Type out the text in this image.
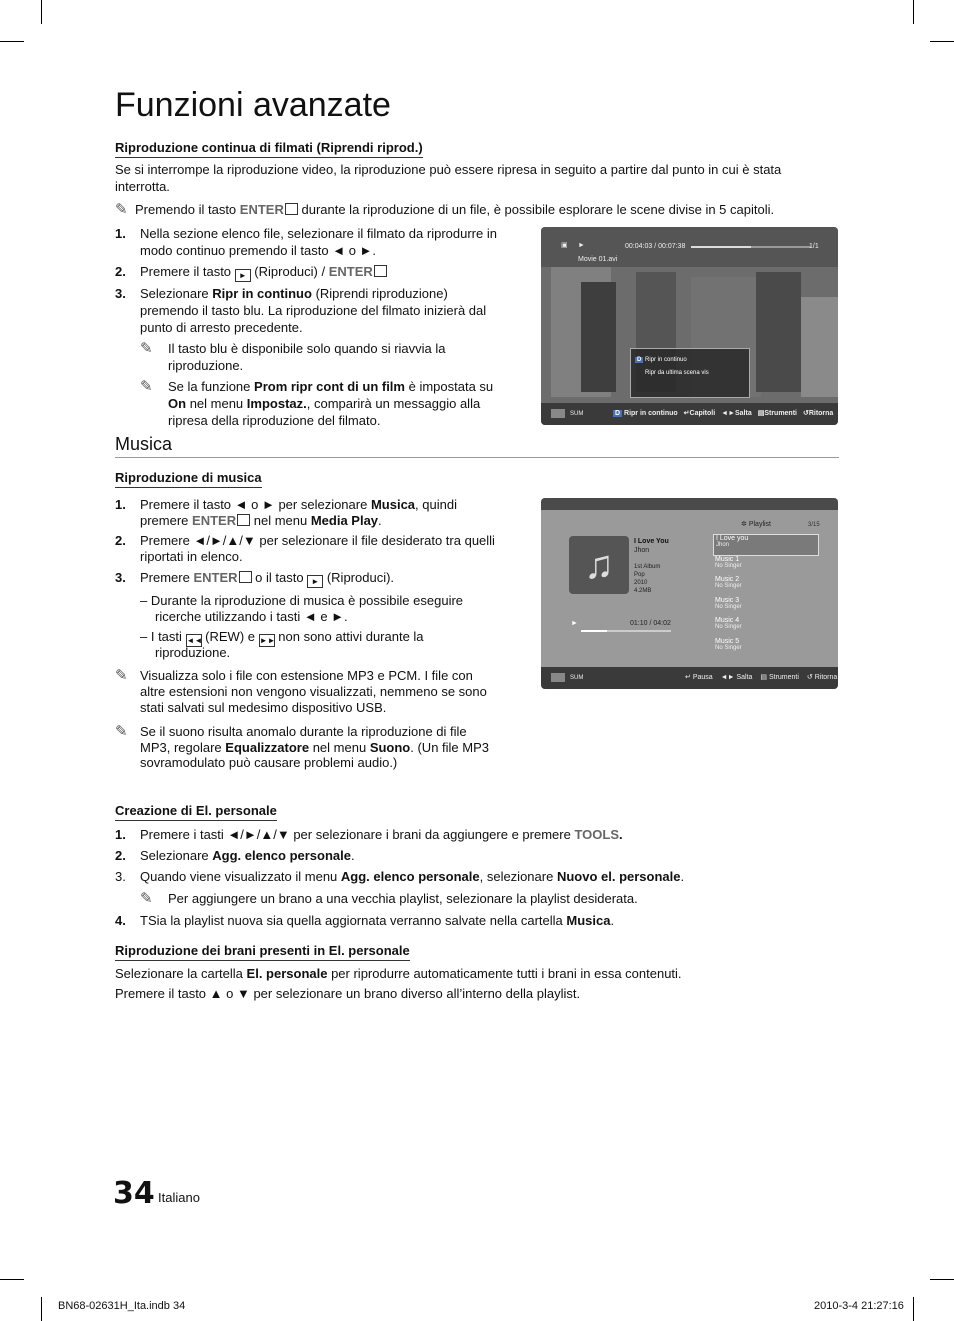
Funzioni avanzate
Riproduzione continua di filmati (Riprendi riprod.)
Se si interrompe la riproduzione video, la riproduzione può essere ripresa in seguito a partire dal punto in cui è stata
interrotta.
✎ Premendo il tasto ENTER durante la riproduzione di un file, è possibile esplorare le scene divise in 5 capitoli.
1. Nella sezione elenco file, selezionare il filmato da riprodurre in
modo continuo premendo il tasto ◄ o ►.
2. Premere il tasto ► (Riproduci) / ENTER
3. Selezionare Ripr in continuo (Riprendi riproduzione)
premendo il tasto blu. La riproduzione del filmato inizierà dal
punto di arresto precedente.
✎ Il tasto blu è disponibile solo quando si riavvia la
riproduzione.
✎ Se la funzione Prom ripr cont di un film è impostata su
On nel menu Impostaz., comparirà un messaggio alla
ripresa della riproduzione del filmato.
▣ ►	00:04:03 / 00:07:38	1/1
Movie 01.avi
D Ripr in continuo
Ripr da ultima scena vis
SUM	D Ripr in continuo ↵Capitoli ◄►Salta ▤Strumenti ↺Ritorna
Musica
Riproduzione di musica
1. Premere il tasto ◄ o ► per selezionare Musica, quindi
premere ENTER nel menu Media Play.
2. Premere ◄/►/▲/▼ per selezionare il file desiderato tra quelli
riportati in elenco.
3. Premere ENTER o il tasto ► (Riproduci).
– Durante la riproduzione di musica è possibile eseguire
ricerche utilizzando i tasti ◄ e ►.
– I tasti ◄◄ (REW) e ►► non sono attivi durante la
riproduzione.
✎ Visualizza solo i file con estensione MP3 e PCM. I file con
altre estensioni non vengono visualizzati, nemmeno se sono
stati salvati sul medesimo dispositivo USB.
✎ Se il suono risulta anomalo durante la riproduzione di file
MP3, regolare Equalizzatore nel menu Suono. (Un file MP3
sovramodulato può causare problemi audio.)
♫
I Love You
Jhon
1st Album
Pop
2010
4.2MB
►	01:10 / 04:02
✲ Playlist	3/15
I Love you
Jhon
Music 1
No Singer
Music 2
No Singer
Music 3
No Singer
Music 4
No Singer
Music 5
No Singer
SUM	↵ Pausa ◄► Salta ▤ Strumenti ↺ Ritorna
Creazione di El. personale
1. Premere i tasti ◄/►/▲/▼ per selezionare i brani da aggiungere e premere TOOLS.
2. Selezionare Agg. elenco personale.
3. Quando viene visualizzato il menu Agg. elenco personale, selezionare Nuovo el. personale.
✎ Per aggiungere un brano a una vecchia playlist, selezionare la playlist desiderata.
4. TSia la playlist nuova sia quella aggiornata verranno salvate nella cartella Musica.
Riproduzione dei brani presenti in El. personale
Selezionare la cartella El. personale per riprodurre automaticamente tutti i brani in essa contenuti.
Premere il tasto ▲ o ▼ per selezionare un brano diverso all’interno della playlist.
34 Italiano
BN68-02631H_Ita.indb 34	2010-3-4 21:27:16
